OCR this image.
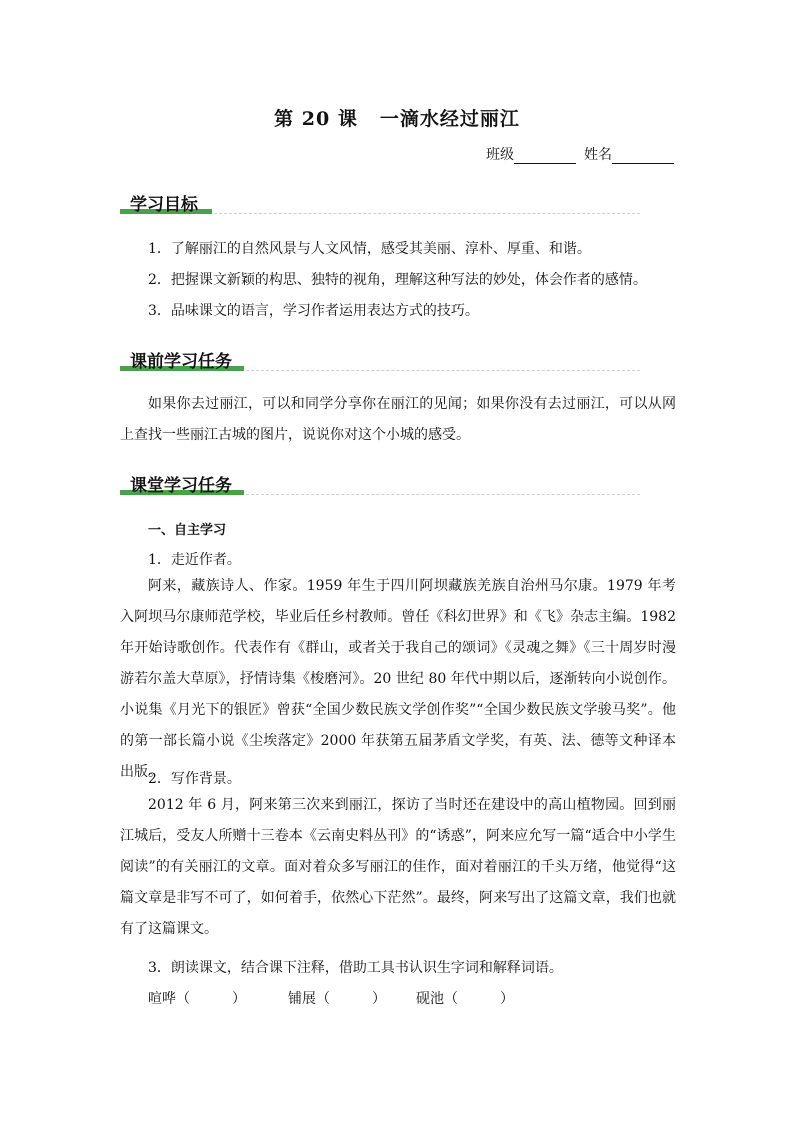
第 20 课 一滴水经过丽江
班级	姓名
学习目标
1．了解丽江的自然风景与人文风情，感受其美丽、淳朴、厚重、和谐。
2．把握课文新颖的构思、独特的视角，理解这种写法的妙处，体会作者的感情。
3．品味课文的语言，学习作者运用表达方式的技巧。
课前学习任务
如果你去过丽江，可以和同学分享你在丽江的见闻；如果你没有去过丽江，可以从网上查找一些丽江古城的图片，说说你对这个小城的感受。
课堂学习任务
一、自主学习
1．走近作者。
阿来，藏族诗人、作家。1959 年生于四川阿坝藏族羌族自治州马尔康。1979 年考入阿坝马尔康师范学校，毕业后任乡村教师。曾任《科幻世界》和《飞》杂志主编。1982 年开始诗歌创作。代表作有《群山，或者关于我自己的颂词》《灵魂之舞》《三十周岁时漫游若尔盖大草原》，抒情诗集《梭磨河》。20 世纪 80 年代中期以后，逐渐转向小说创作。小说集《月光下的银匠》曾获“全国少数民族文学创作奖”“全国少数民族文学骏马奖”。他的第一部长篇小说《尘埃落定》2000 年获第五届茅盾文学奖，有英、法、德等文种译本出版。
2．写作背景。
2012 年 6 月，阿来第三次来到丽江，探访了当时还在建设中的高山植物园。回到丽江城后，受友人所赠十三卷本《云南史料丛刊》的“诱惑”，阿来应允写一篇“适合中小学生阅读”的有关丽江的文章。面对着众多写丽江的佳作，面对着丽江的千头万绪，他觉得“这篇文章是非写不可了，如何着手，依然心下茫然”。最终，阿来写出了这篇文章，我们也就有了这篇课文。
3．朗读课文，结合课下注释，借助工具书认识生字词和解释词语。
喧哗（　　　）	铺展（　　　） 砚池（　　　）
